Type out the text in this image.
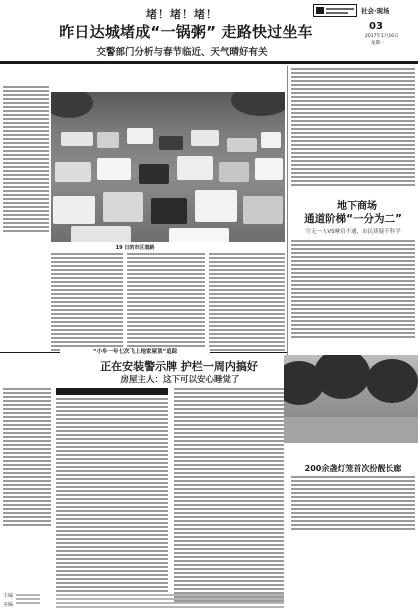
社会·现场
03
2017年1月16日
星期一
堵！堵！堵！
昨日达城堵成“一锅粥” 走路快过坐车
交警部门分析与春节临近、天气晴好有关
19 日的市区道路
地下商场
通道阶梯“一分为二”
空无一人VS摩肩不通，市民质疑不科学
“小车一年七次飞上地家屋顶”追踪
正在安装警示牌 护栏一周内搞好
房屋主人：这下可以安心睡觉了
200余盏灯笼首次扮靓长廊
主编
美编
